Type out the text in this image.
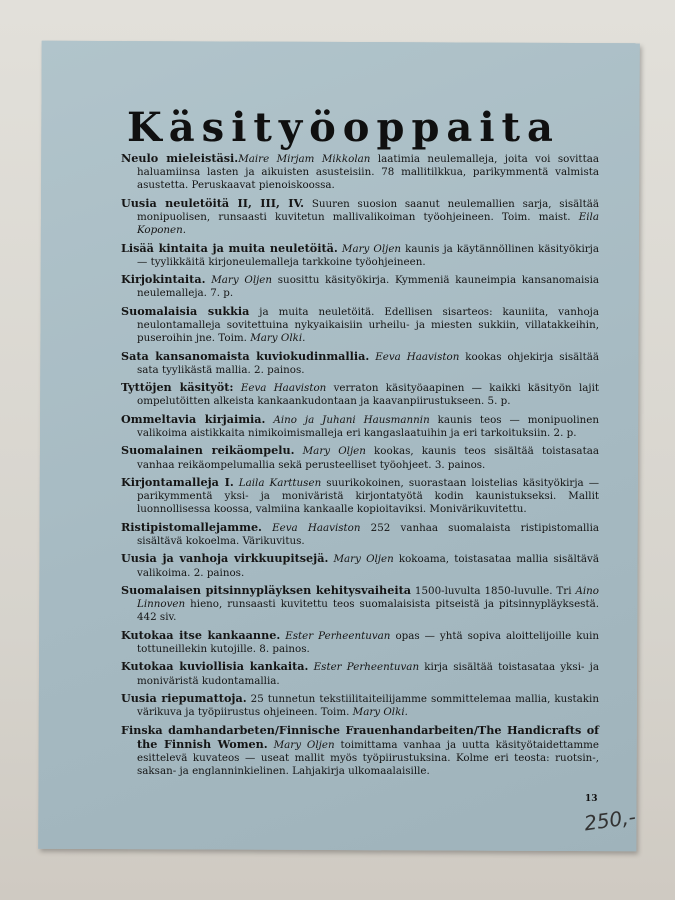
Käsityöoppaita

Neulo mieleistäsi.Maire Mirjam Mikkolan laatimia neulemalleja, joita voi sovittaa haluamiinsa lasten ja aikuisten asusteisiin. 78 mallitilkkua, parikymmentä valmista asustetta. Peruskaavat pienoiskoossa.

Uusia neuletöitä II, III, IV. Suuren suosion saanut neulemallien sarja, sisältää monipuolisen, runsaasti kuvitetun mallivalikoiman työohjeineen. Toim. maist. Eila Koponen.

Lisää kintaita ja muita neuletöitä. Mary Oljen kaunis ja käytännöllinen käsityökirja — tyylikkäitä kirjoneulemalleja tarkkoine työohjeineen.

Kirjokintaita. Mary Oljen suosittu käsityökirja. Kymmeniä kauneimpia kansanomaisia neulemalleja. 7. p.

Suomalaisia sukkia ja muita neuletöitä. Edellisen sisarteos: kauniita, vanhoja neulontamalleja sovitettuina nykyaikaisiin urheilu- ja miesten sukkiin, villatakkeihin, puseroihin jne. Toim. Mary Olki.

Sata kansanomaista kuviokudinmallia. Eeva Haaviston kookas ohjekirja sisältää sata tyylikästä mallia. 2. painos.

Tyttöjen käsityöt: Eeva Haaviston verraton käsityöaapinen — kaikki käsityön lajit ompelutöitten alkeista kankaankudontaan ja kaavanpiirustukseen. 5. p.

Ommeltavia kirjaimia. Aino ja Juhani Hausmannin kaunis teos — monipuolinen valikoima aistikkaita nimikoimismalleja eri kangaslaatuihin ja eri tarkoituksiin. 2. p.

Suomalainen reikäompelu. Mary Oljen kookas, kaunis teos sisältää toistasataa vanhaa reikäompelumallia sekä perusteelliset työohjeet. 3. painos.

Kirjontamalleja I. Laila Karttusen suurikokoinen, suorastaan loistelias käsityökirja — parikymmentä yksi- ja moniväristä kirjontatyötä kodin kaunistukseksi. Mallit luonnollisessa koossa, valmiina kankaalle kopioitaviksi. Monivärikuvitettu.

Ristipistomallejamme. Eeva Haaviston 252 vanhaa suomalaista ristipistomallia sisältävä kokoelma. Värikuvitus.

Uusia ja vanhoja virkkuupitsejä. Mary Oljen kokoama, toistasataa mallia sisältävä valikoima. 2. painos.

Suomalaisen pitsinnypläyksen kehitysvaiheita 1500-luvulta 1850-luvulle. Tri Aino Linnoven hieno, runsaasti kuvitettu teos suomalaisista pitseistä ja pitsinnypläyksestä. 442 siv.

Kutokaa itse kankaanne. Ester Perheentuvan opas — yhtä sopiva aloittelijoille kuin tottuneillekin kutojille. 8. painos.

Kutokaa kuviollisia kankaita. Ester Perheentuvan kirja sisältää toistasataa yksi- ja moniväristä kudontamallia.

Uusia riepumattoja. 25 tunnetun tekstiilitaiteilijamme sommittelemaa mallia, kustakin värikuva ja työpiirustus ohjeineen. Toim. Mary Olki.

Finska damhandarbeten/Finnische Frauenhandarbeiten/The Handicrafts of the Finnish Women. Mary Oljen toimittama vanhaa ja uutta käsityötaidettamme esittelevä kuvateos — useat mallit myös työpiirustuksina. Kolme eri teosta: ruotsin-, saksan- ja englanninkielinen. Lahjakirja ulkomaalaisille.

13
250,-
